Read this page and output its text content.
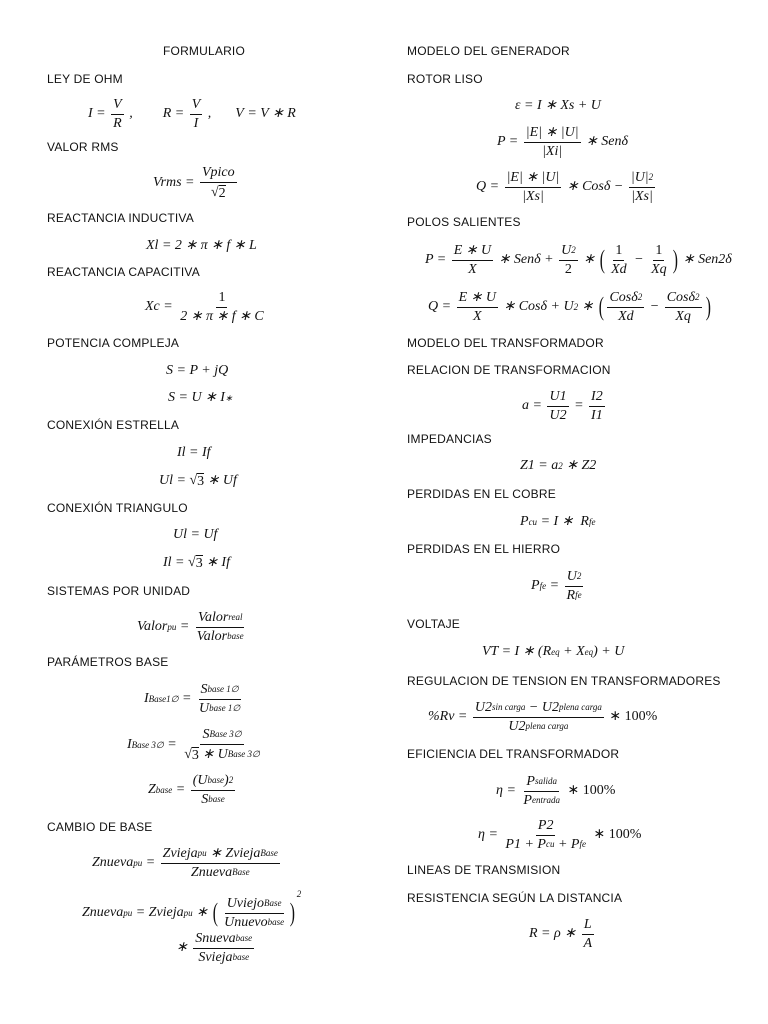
FORMULARIO
LEY DE OHM
$I = \frac{V}{R}$ , $R = \frac{V}{I}$ , V = V ∗ R
VALOR RMS
Vrms = $\frac{\text{Vpico}}{√ 2}$
REACTANCIA INDUCTIVA
Xl = 2 ∗ π ∗ f ∗ L
REACTANCIA CAPACITIVA
$Xc = \frac{1}{2 ∗ \pi ∗ f ∗ C}$
POTENCIA COMPLEJA
S = P + jQ
S = U ∗ I ∗
CONEXIÓN ESTRELLA
Il = If
Ul = √ 3 ∗ Uf
CONEXIÓN TRIANGULO
Ul = Uf
Il = √ 3 ∗ If
SISTEMAS POR UNIDAD
Valor pu = $\frac{\text{Valor real}}{\text{Valor base}}$
PARÁMETROS BASE
I Base1∅ = $\frac{\text{S base 1∅}}{\text{U base 1∅}}$
I Base 3∅ = $\frac{\text{S Base 3∅}}{\text{√ 3 ∗ U Base 3∅}}$
Z base = $\frac{\text{(U base ) 2}}{\text{S base}}$
CAMBIO DE BASE
Znueva pu = $\frac{\text{Zvieja pu ∗ Zvieja Base}}{\text{Znueva Base}}$
Znueva pu = Zvieja pu ∗ ( $\frac{\text{Uviejo Base}}{\text{Unuevo base}}$ )
2
∗ $\frac{\text{Snueva base}}{\text{Svieja base}}$
MODELO DEL GENERADOR
ROTOR LISO
ε = I ∗ Xs + U
$P = \frac{|E| ∗ |U|}{|Xi|}$ ∗ Senδ
$Q = \frac{|E| ∗ |U|}{|Xs|}$ ∗ $Cos\delta - \frac{|U| 2}{|Xs|}$
POLOS SALIENTES
$P = \frac{E ∗ U}{X}$ ∗ $Sen\delta + \frac{U 2}{2}$ ∗ ( $\frac{1}{Xd} - \frac{1}{Xq}$ ) ∗ Sen2δ
$Q = \frac{E ∗ U}{X}$ ∗ Cosδ + U 2 ∗ ( $\frac{\text{Cosδ 2}}{Xd} - \frac{\text{Cosδ 2}}{Xq}$ )
MODELO DEL TRANSFORMADOR
RELACION DE TRANSFORMACION
$a = \frac{U1}{U2} = \frac{I2}{I1}$
IMPEDANCIAS
Z1 = a 2 ∗ Z2
PERDIDAS EN EL COBRE
P cu = I ∗  R fe
PERDIDAS EN EL HIERRO
P fe = $\frac{U 2}{\text{R fe}}$
VOLTAJE
VT = I ∗ (R eq + X eq ) + U
REGULACION DE TENSION EN TRANSFORMADORES
$\%Rv = \frac{\text{U2 sin carga − U2 plena carga}}{\text{U2 plena carga}}$ ∗ 100%
EFICIENCIA DEL TRANSFORMADOR
$\eta = \frac{\text{P salida}}{\text{P entrada}}$ ∗ 100%
$\eta = \frac{P2}{\text{P1 + P cu + P fe}}$ ∗ 100%
LINEAS DE TRANSMISION
RESISTENCIA SEGÚN LA DISTANCIA
R = ρ ∗ $\frac{L}{A}$
